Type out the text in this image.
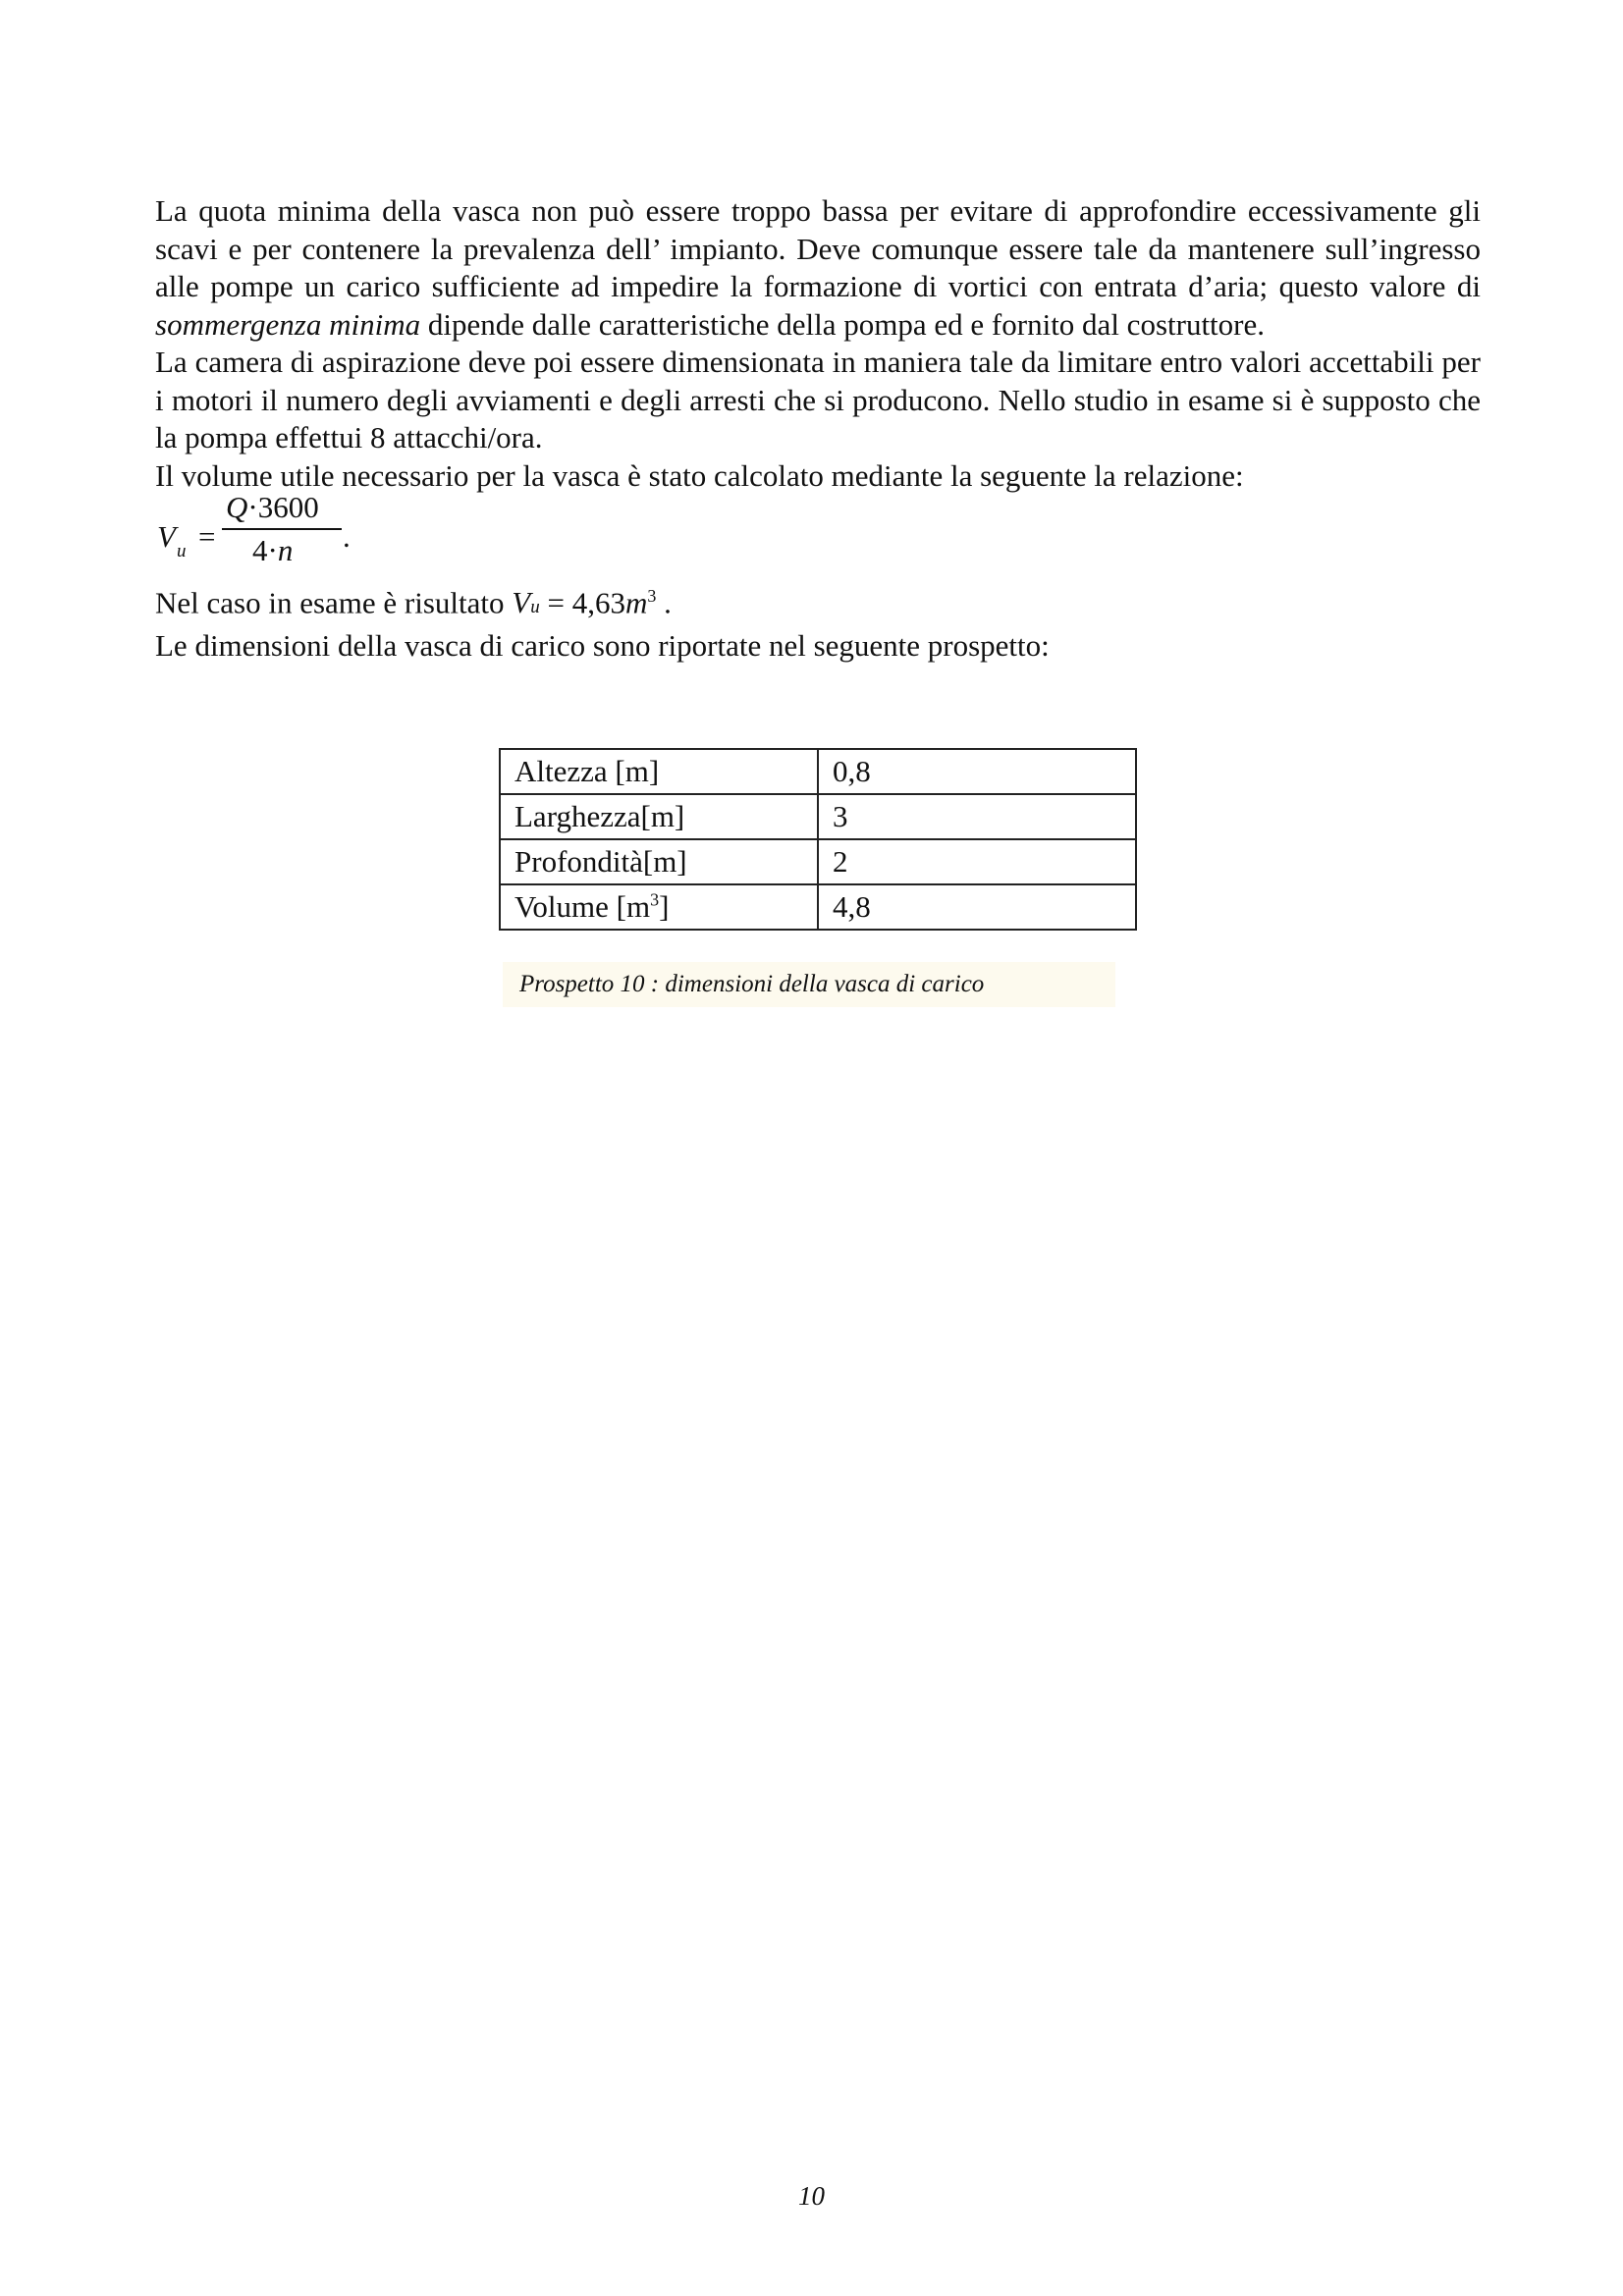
La quota minima della vasca non può essere troppo bassa per evitare di approfondire eccessivamente gli scavi e per contenere la prevalenza dell’ impianto. Deve comunque essere tale da mantenere sull’ingresso alle pompe un carico sufficiente ad impedire la formazione di vortici con entrata d’aria; questo valore di sommergenza minima dipende dalle caratteristiche della pompa ed e fornito dal costruttore.

La camera di aspirazione deve poi essere dimensionata in maniera tale da limitare entro valori accettabili per i motori il numero degli avviamenti e degli arresti che si producono. Nello studio in esame si è supposto che la pompa effettui 8 attacchi/ora.

Il volume utile necessario per la vasca è stato calcolato mediante la seguente la relazione:

$V_u$ =
Q·3600
4·n .

Nel caso in esame è risultato $Vu = 4,63m^3$ .

Le dimensioni della vasca di carico sono riportate nel seguente prospetto:

Altezza [m]	0,8
Larghezza[m]	3
Profondità[m]	2
Volume $[m^3]$	4,8
Prospetto 10 : dimensioni della vasca di carico
10
